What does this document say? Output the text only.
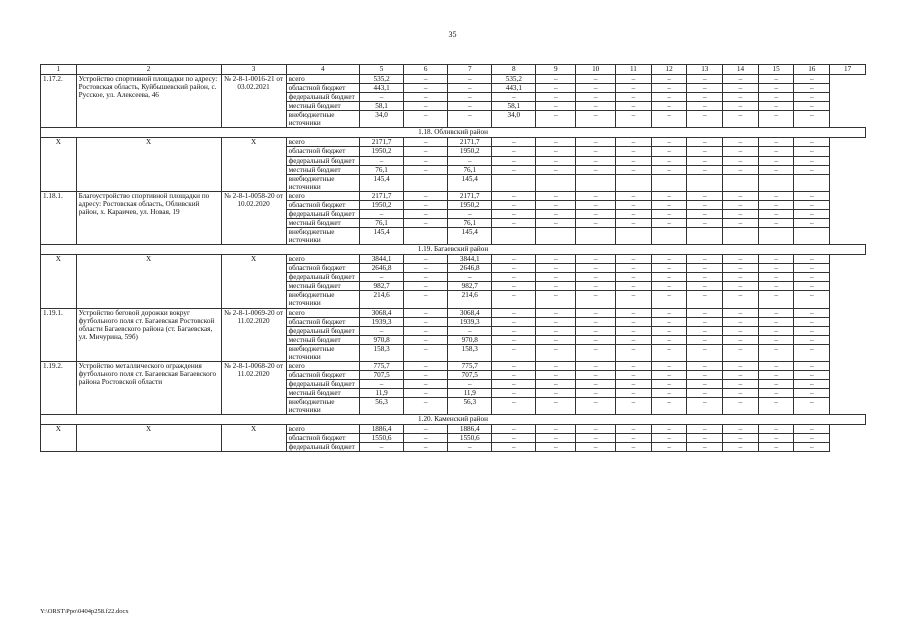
35
1	2	3	4	5	6	7	8	9	10	11	12	13	14	15	16	17
1.17.2.	Устройство спортивной площадки по адресу: Ростовская область, Куйбышевский район, с. Русское, ул. Алексеева, 46	№ 2-8-1-0016-21 от 03.02.2021	всего	535,2	–	–	535,2	–	–	–	–	–	–	–	–	
			областной бюджет	443,1	–	–	443,1	–	–	–	–	–	–	–	–	
			федеральный бюджет	–	–	–	–	–	–	–	–	–	–	–	–	
			местный бюджет	58,1	–	–	58,1	–	–	–	–	–	–	–	–	
			внебюджетные источники	34,0	–	–	34,0	–	–	–	–	–	–	–	–	
1.18. Обливский район																
Х	Х	Х	всего	2171,7	–	2171,7	–	–	–	–	–	–	–	–	–	
			областной бюджет	1950,2	–	1950,2	–	–	–	–	–	–	–	–	–	
			федеральный бюджет	–	–	–	–	–	–	–	–	–	–	–	–	
			местный бюджет	76,1	–	76,1	–	–	–	–	–	–	–	–	–	
			внебюджетные источники	145,4		145,4										
1.18.1.	Благоустройство спортивной площадки по адресу: Ростовская область, Обливский район, х. Караичев, ул. Новая, 19	№ 2-8-1-0058-20 от 10.02.2020	всего	2171,7	–	2171,7	–	–	–	–	–	–	–	–	–	
			областной бюджет	1950,2	–	1950,2	–	–	–	–	–	–	–	–	–	
			федеральный бюджет	–	–	–	–	–	–	–	–	–	–	–	–	
			местный бюджет	76,1	–	76,1	–	–	–	–	–	–	–	–	–	
			внебюджетные источники	145,4		145,4										
1.19. Багаевский район																
Х	Х	Х	всего	3844,1	–	3844,1	–	–	–	–	–	–	–	–	–	
			областной бюджет	2646,8	–	2646,8	–	–	–	–	–	–	–	–	–	
			федеральный бюджет	–	–	–	–	–	–	–	–	–	–	–	–	
			местный бюджет	982,7	–	982,7	–	–	–	–	–	–	–	–	–	
			внебюджетные источники	214,6	–	214,6	–	–	–	–	–	–	–	–	–	
1.19.1.	Устройство беговой дорожки вокруг футбольного поля ст. Багаевская Ростовской области Багаевского района (ст. Багаевская, ул. Мичурина, 59б)	№ 2-8-1-0069-20 от 11.02.2020	всего	3068,4	–	3068,4	–	–	–	–	–	–	–	–	–	
			областной бюджет	1939,3	–	1939,3	–	–	–	–	–	–	–	–	–	
			федеральный бюджет	–	–	–	–	–	–	–	–	–	–	–	–	
			местный бюджет	970,8	–	970,8	–	–	–	–	–	–	–	–	–	
			внебюджетные источники	158,3	–	158,3	–	–	–	–	–	–	–	–	–	
1.19.2.	Устройство металлического ограждения футбольного поля ст. Багаевская Багаевского района Ростовской области	№ 2-8-1-0068-20 от 11.02.2020	всего	775,7	–	775,7	–	–	–	–	–	–	–	–	–	
			областной бюджет	707,5	–	707,5	–	–	–	–	–	–	–	–	–	
			федеральный бюджет	–	–	–	–	–	–	–	–	–	–	–	–	
			местный бюджет	11,9	–	11,9	–	–	–	–	–	–	–	–	–	
			внебюджетные источники	56,3	–	56,3	–	–	–	–	–	–	–	–	–	
1.20. Каменский район																
Х	Х	Х	всего	1886,4	–	1886,4	–	–	–	–	–	–	–	–	–	
			областной бюджет	1550,6	–	1550,6	–	–	–	–	–	–	–	–	–	
			федеральный бюджет	–	–	–	–	–	–	–	–	–	–	–	–	
Y:\ORST\Ppo\0404p258.f22.docx
